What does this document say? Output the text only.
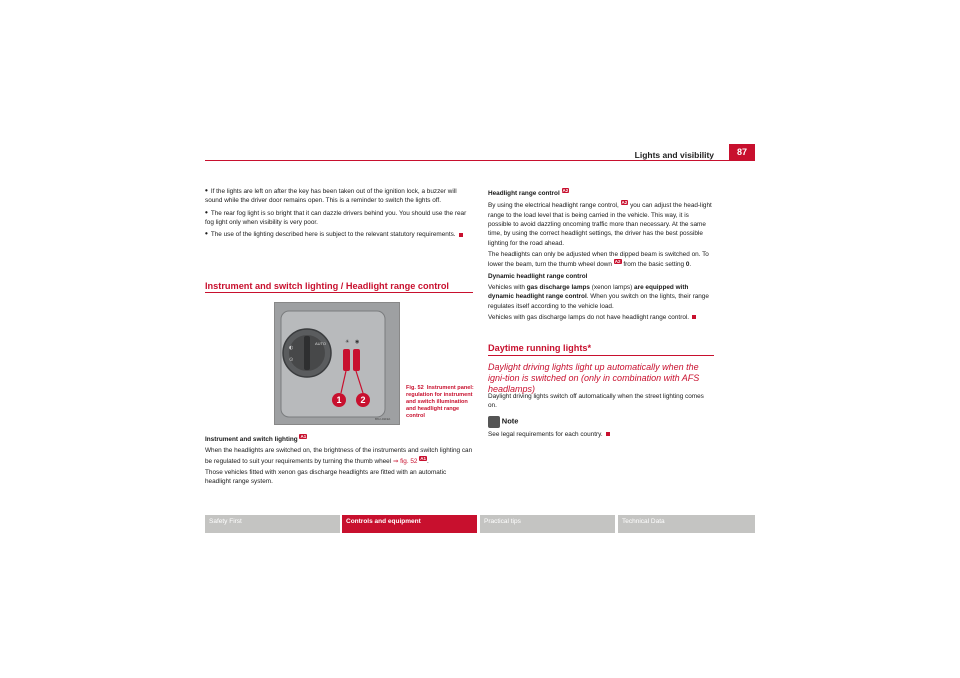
Lights and visibility	87

• If the lights are left on after the key has been taken out of the ignition lock, a buzzer will sound while the driver door remains open. This is a reminder to switch the lights off.

• The rear fog light is so bright that it can dazzle drivers behind you. You should use the rear fog light only when visibility is very poor.

• The use of the lighting described here is subject to the relevant statutory requirements.

Instrument and switch lighting / Headlight range control
AUTO
◐
⊙
☀ ◉
1 2
B6U-0119A
Fig. 52 Instrument panel: regulation for instrument and switch illumination and headlight range control

Instrument and switch lighting A1

When the headlights are switched on, the brightness of the instruments and switch lighting can be regulated to suit your requirements by turning the thumb wheel ⇒ fig. 52 A1.

Those vehicles fitted with xenon gas discharge headlights are fitted with an automatic headlight range system.

Headlight range control A2

By using the electrical headlight range control, A2 you can adjust the head-light range to the load level that is being carried in the vehicle. This way, it is possible to avoid dazzling oncoming traffic more than necessary. At the same time, by using the correct headlight settings, the driver has the best possible lighting for the road ahead.

The headlights can only be adjusted when the dipped beam is switched on. To lower the beam, turn the thumb wheel down A2 from the basic setting 0.

Dynamic headlight range control

Vehicles with gas discharge lamps (xenon lamps) are equipped with dynamic headlight range control. When you switch on the lights, their range regulates itself according to the vehicle load.

Vehicles with gas discharge lamps do not have headlight range control.

Daytime running lights*
Daylight driving lights light up automatically when the igni-tion is switched on (only in combination with AFS headlamps)

Daylight driving lights switch off automatically when the street lighting comes on.

Note

See legal requirements for each country.

Safety First	Controls and equipment	Practical tips	Technical Data
